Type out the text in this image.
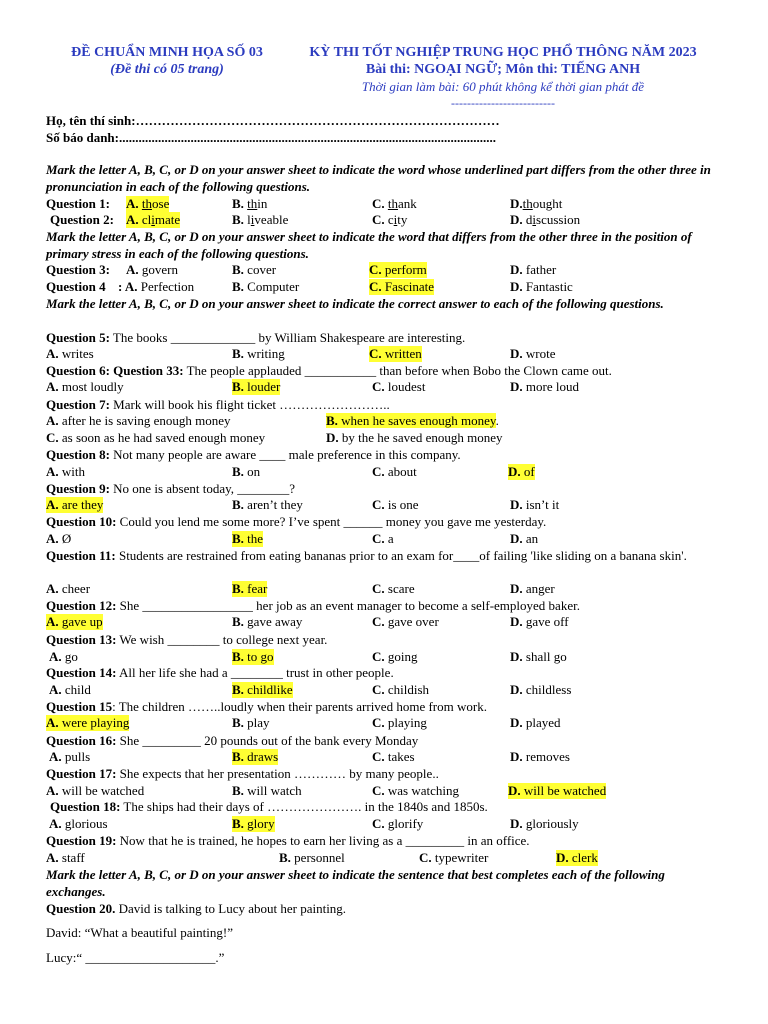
ĐỀ CHUẨN MINH HỌA SỐ 03
(Đề thi có 05 trang)
KỲ THI TỐT NGHIỆP TRUNG HỌC PHỔ THÔNG NĂM 2023
Bài thi: NGOẠI NGỮ; Môn thi: TIẾNG ANH
Thời gian làm bài: 60 phút không kể thời gian phát đề
--------------------------
Họ, tên thí sinh:…………………………………………………………………………
Số báo danh:....................................................................................................................
Mark the letter A, B, C, or D on your answer sheet to indicate the word whose underlined part differs from the other three in pronunciation in each of the following questions.
Question 1: A. those	B. thin	C. thank	D.thought
Question 2: A. climate	B. liveable	C. city	D. discussion
Mark the letter A, B, C, or D on your answer sheet to indicate the word that differs from the other three in the position of primary stress in each of the following questions.
Question 3: A. govern	B. cover	C. perform	D. father
Question 4 : A. Perfection	B. Computer	C. Fascinate	D. Fantastic
Mark the letter A, B, C, or D on your answer sheet to indicate the correct answer to each of the following questions.
Question 5: The books _____________ by William Shakespeare are interesting.
A. writes	B. writing	C. written	D. wrote
Question 6: Question 33: The people applauded ___________ than before when Bobo the Clown came out.
A. most loudly	B. louder	C. loudest	D. more loud
Question 7: Mark will book his flight ticket ……………………..
A. after he is saving enough money	B. when he saves enough money.
C. as soon as he had saved enough money	D. by the he saved enough money
Question 8: Not many people are aware ____ male preference in this company.
A. with	B. on	C. about	D. of
Question 9: No one is absent today, ________?
A. are they	B. aren’t they	C. is one	D. isn’t it
Question 10: Could you lend me some more? I’ve spent ______ money you gave me yesterday.
A. Ø	B. the	C. a	D. an
Question 11: Students are restrained from eating bananas prior to an exam for____of failing 'like sliding on a banana skin'.
A. cheer	B. fear	C. scare	D. anger
Question 12: She _________________ her job as an event manager to become a self-employed baker.
A. gave up	B. gave away	C. gave over	D. gave off
Question 13: We wish ________ to college next year.
A. go	B. to go	C. going	D. shall go
Question 14: All her life she had a ________ trust in other people.
A. child	B. childlike	C. childish	D. childless
Question 15: The children ……..loudly when their parents arrived home from work.
A. were playing	B. play	C. playing	D. played
Question 16: She _________ 20 pounds out of the bank every Monday
A. pulls	B. draws	C. takes	D. removes
Question 17: She expects that her presentation ………… by many people..
A. will be watched	B. will watch	C. was watching	D. will be watched
Question 18: The ships had their days of …………………. in the 1840s and 1850s.
A. glorious	B. glory	C. glorify	D. gloriously
Question 19: Now that he is trained, he hopes to earn her living as a _________ in an office.
A. staff	B. personnel	C. typewriter	D. clerk
Mark the letter A, B, C, or D on your answer sheet to indicate the sentence that best completes each of the following exchanges.
Question 20. David is talking to Lucy about her painting.
David: “What a beautiful painting!”
Lucy:“ ____________________.”
